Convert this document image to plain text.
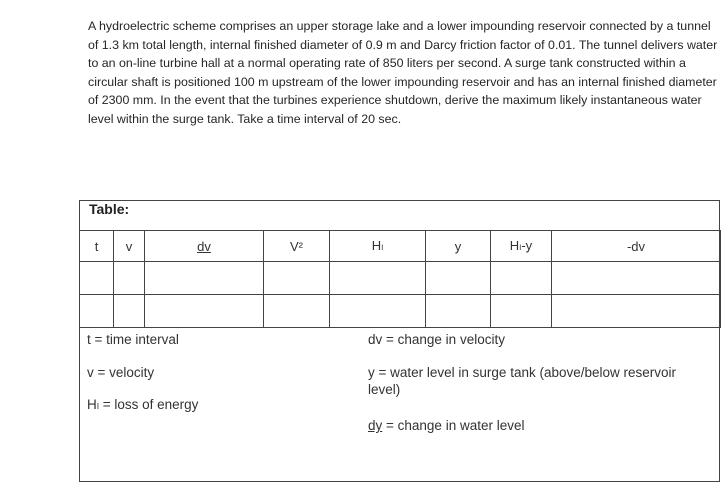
A hydroelectric scheme comprises an upper storage lake and a lower impounding reservoir connected by a tunnel of 1.3 km total length, internal finished diameter of 0.9 m and Darcy friction factor of 0.01. The tunnel delivers water to an on-line turbine hall at a normal operating rate of 850 liters per second. A surge tank constructed within a circular shaft is positioned 100 m upstream of the lower impounding reservoir and has an internal finished diameter of 2300 mm. In the event that the turbines experience shutdown, derive the maximum likely instantaneous water level within the surge tank. Take a time interval of 20 sec.

Table:

t	v	dv	V²	Hₗ	y	Hₗ-y	-dv

t = time interval

v = velocity

Hₗ = loss of energy

dv = change in velocity

y = water level in surge tank (above/below reservoir level)

dy = change in water level
